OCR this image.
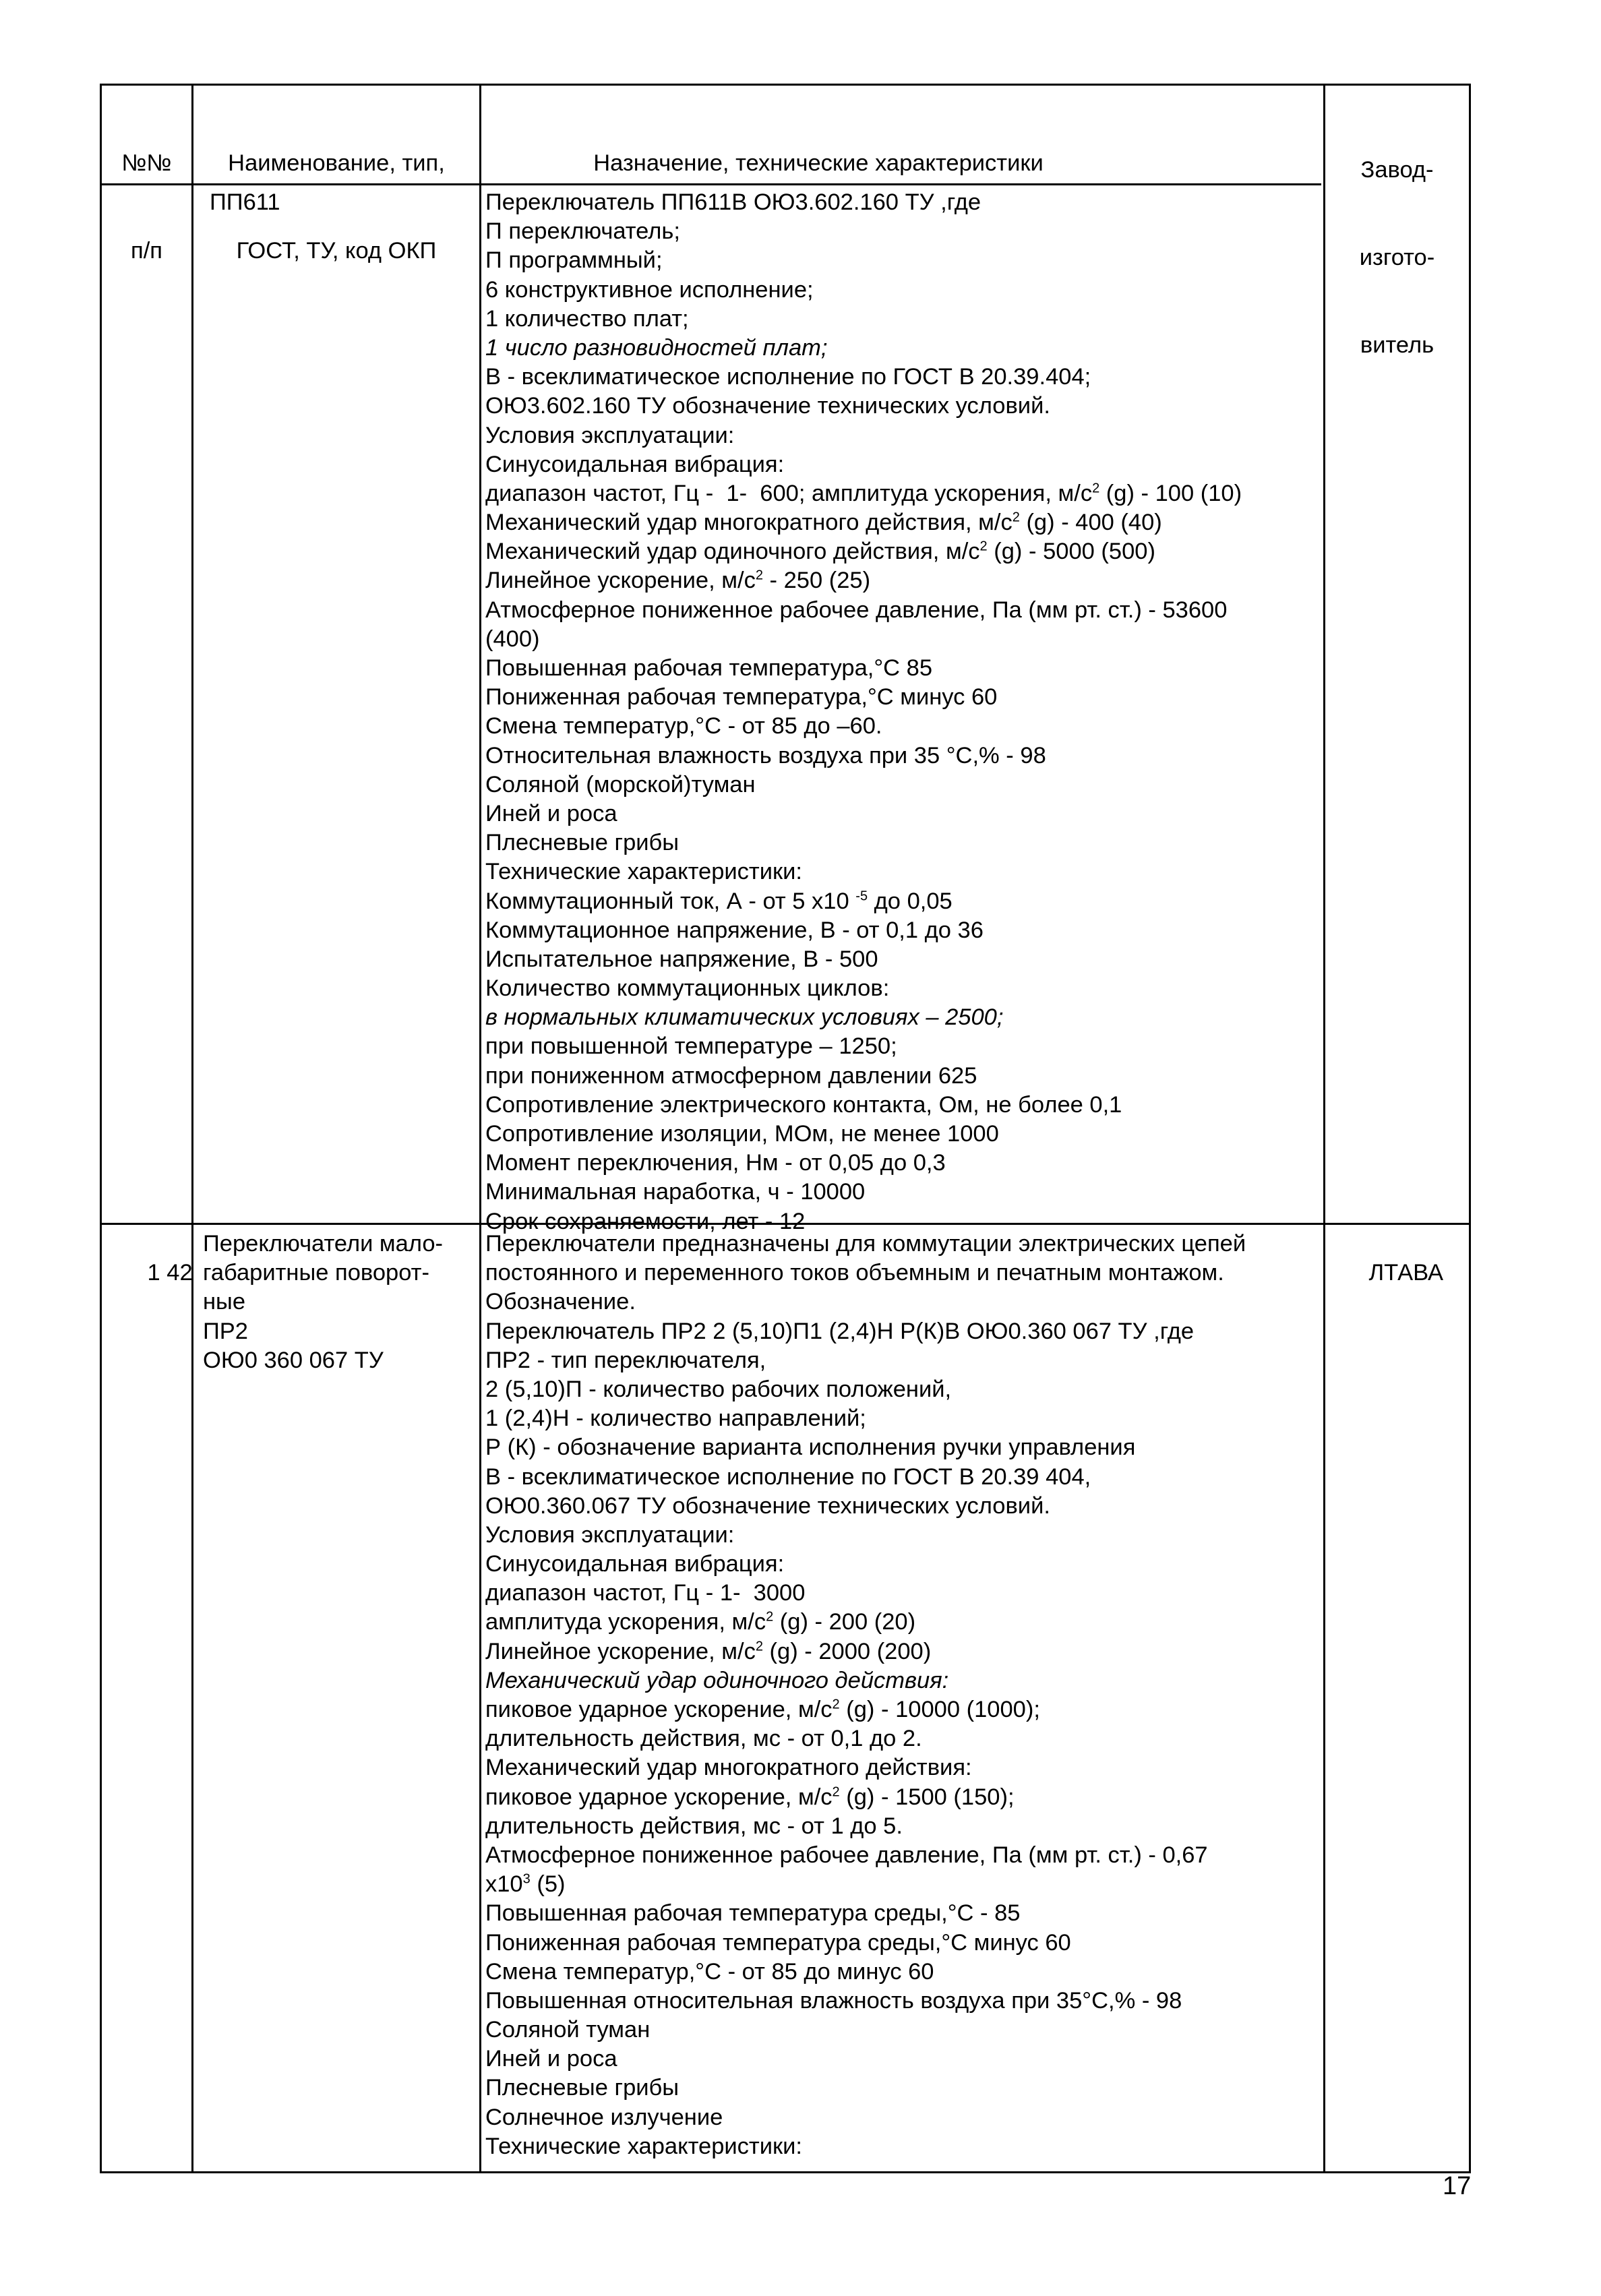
№№

п/п

Наименование, тип,

ГОСТ, ТУ, код ОКП

Назначение, технические характеристики

	Завод-

изгото-

витель

ПП611	Переключатель ПП611В ОЮ3.602.160 ТУ ,где
П переключатель;
П программный;
6 конструктивное исполнение;
1 количество плат;
1 число разновидностей плат;
В - всеклиматическое исполнение по ГОСТ В 20.39.404;
ОЮ3.602.160 ТУ обозначение технических условий.
Условия эксплуатации:
Синусоидальная вибрация:
диапазон частот, Гц -  1-  600; амплитуда ускорения, $м/с^2$ (g) - 100 (10)
Механический удар многократного действия, $м/с^2$ (g) - 400 (40)
Механический удар одиночного действия, $м/с^2$ (g) - 5000 (500)
Линейное ускорение, $м/с^2 - 250$ (25)
Атмосферное пониженное рабочее давление, Па (мм рт. ст.) - 53600
(400)
Повышенная рабочая температура,°С 85
Пониженная рабочая температура,°С минус 60
Смена температур,°С - от 85 до –60.
Относительная влажность воздуха при 35 °С,% - 98
Соляной (морской)туман
Иней и роса
Плесневые грибы
Технические характеристики:
Коммутационный ток, А - от 5 х10 $^{-5}$ до 0,05
Коммутационное напряжение, В - от 0,1 до 36
Испытательное напряжение, В - 500
Количество коммутационных циклов:
в нормальных климатических условиях – 2500;
при повышенной температуре – 1250;
при пониженном атмосферном давлении 625
Сопротивление электрического контакта, Ом, не более 0,1
Сопротивление изоляции, МОм, не менее 1000
Момент переключения, Нм - от 0,05 до 0,3
Минимальная наработка, ч - 10000
Срок сохраняемости, лет - 12

1 42

Переключатели мало-
габаритные поворот-
ные
ПР2
ОЮ0 360 067 ТУ
Переключатели предназначены для коммутации электрических цепей
постоянного и переменного токов объемным и печатным монтажом.
Обозначение.
Переключатель ПР2 2 (5,10)П1 (2,4)Н Р(К)В ОЮ0.360 067 ТУ ,где
ПР2 - тип переключателя,
2 (5,10)П - количество рабочих положений,
1 (2,4)Н - количество направлений;
Р (К) - обозначение варианта исполнения ручки управления
В - всеклиматическое исполнение по ГОСТ В 20.39 404,
ОЮ0.360.067 ТУ обозначение технических условий.
Условия эксплуатации:
Синусоидальная вибрация:
диапазон частот, Гц - 1-  3000
амплитуда ускорения, $м/с^2$ (g) - 200 (20)
Линейное ускорение, $м/с^2$ (g) - 2000 (200)
Механический удар одиночного действия:
пиковое ударное ускорение, $м/с^2$ (g) - 10000 (1000);
длительность действия, мс - от 0,1 до 2.
Механический удар многократного действия:
пиковое ударное ускорение, $м/с^2$ (g) - 1500 (150);
длительность действия, мс - от 1 до 5.
Атмосферное пониженное рабочее давление, Па (мм рт. ст.) - 0,67
$х10^3$ (5)
Повышенная рабочая температура среды,°С - 85
Пониженная рабочая температура среды,°С минус 60
Смена температур,°С - от 85 до минус 60
Повышенная относительная влажность воздуха при 35°С,% - 98
Соляной туман
Иней и роса
Плесневые грибы
Солнечное излучение
Технические характеристики:

ЛТАВА

17
